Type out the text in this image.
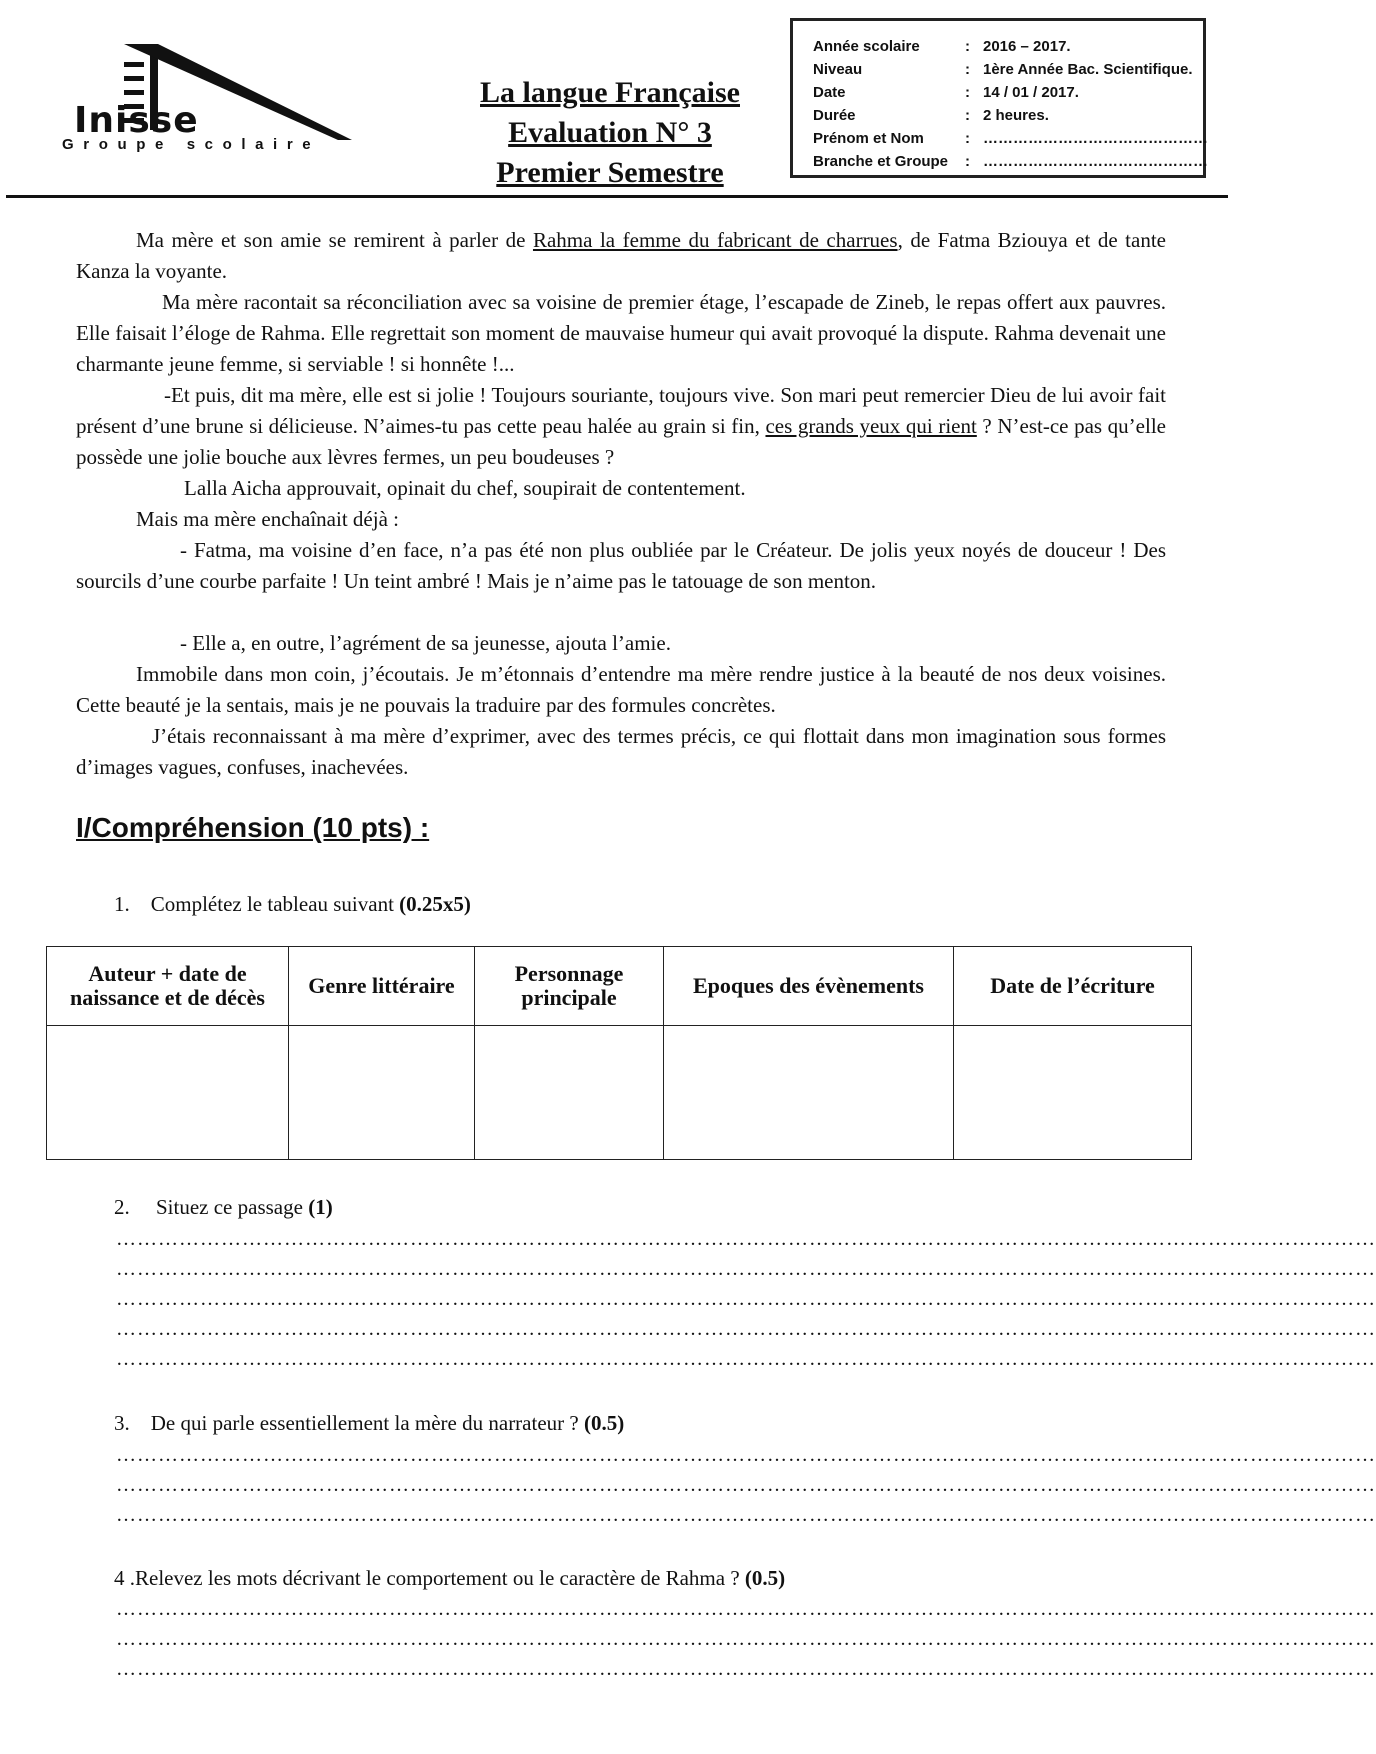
Inisse
Groupe scolaire
La langue Française
Evaluation N° 3
Premier Semestre
Année scolaire	: 2016 – 2017.
Niveau	: 1ère Année Bac. Scientifique.
Date	: 14 / 01 / 2017.
Durée	: 2 heures.
Prénom et Nom	: ………………………………………
Branche et Groupe : ………………………………………
Ma mère et son amie se remirent à parler de Rahma la femme du fabricant de charrues, de Fatma Bziouya et de tante Kanza la voyante.
Ma mère racontait sa réconciliation avec sa voisine de premier étage, l’escapade de Zineb, le repas offert aux pauvres. Elle faisait l’éloge de Rahma. Elle regrettait son moment de mauvaise humeur qui avait provoqué la dispute. Rahma devenait une charmante jeune femme, si serviable ! si honnête !...
-Et puis, dit ma mère, elle est si jolie ! Toujours souriante, toujours vive. Son mari peut remercier Dieu de lui avoir fait présent d’une brune si délicieuse. N’aimes-tu pas cette peau halée au grain si fin, ces grands yeux qui rient ? N’est-ce pas qu’elle possède une jolie bouche aux lèvres fermes, un peu boudeuses ?
Lalla Aicha approuvait, opinait du chef, soupirait de contentement.
Mais ma mère enchaînait déjà :
- Fatma, ma voisine d’en face, n’a pas été non plus oubliée par le Créateur. De jolis yeux noyés de douceur ! Des sourcils d’une courbe parfaite ! Un teint ambré ! Mais je n’aime pas le tatouage de son menton.
- Elle a, en outre, l’agrément de sa jeunesse, ajouta l’amie.
Immobile dans mon coin, j’écoutais. Je m’étonnais d’entendre ma mère rendre justice à la beauté de nos deux voisines. Cette beauté je la sentais, mais je ne pouvais la traduire par des formules concrètes.
J’étais reconnaissant à ma mère d’exprimer, avec des termes précis, ce qui flottait dans mon imagination sous formes d’images vagues, confuses, inachevées.
I/Compréhension (10 pts) :
1. Complétez le tableau suivant (0.25x5)
Auteur + date de naissance et de décès	Genre littéraire	Personnage principale	Epoques des évènements	Date de l’écriture

2. Situez ce passage (1)
………………………………………………………………………………………………………………………………………………………………
………………………………………………………………………………………………………………………………………………………………
………………………………………………………………………………………………………………………………………………………………
………………………………………………………………………………………………………………………………………………………………
………………………………………………………………………………………………………………………………………………………………
3. De qui parle essentiellement la mère du narrateur ? (0.5)
………………………………………………………………………………………………………………………………………………………………
………………………………………………………………………………………………………………………………………………………………
………………………………………………………………………………………………………………………………………………………………
4 .Relevez les mots décrivant le comportement ou le caractère de Rahma ? (0.5)
………………………………………………………………………………………………………………………………………………………………
………………………………………………………………………………………………………………………………………………………………
………………………………………………………………………………………………………………………………………………………………
